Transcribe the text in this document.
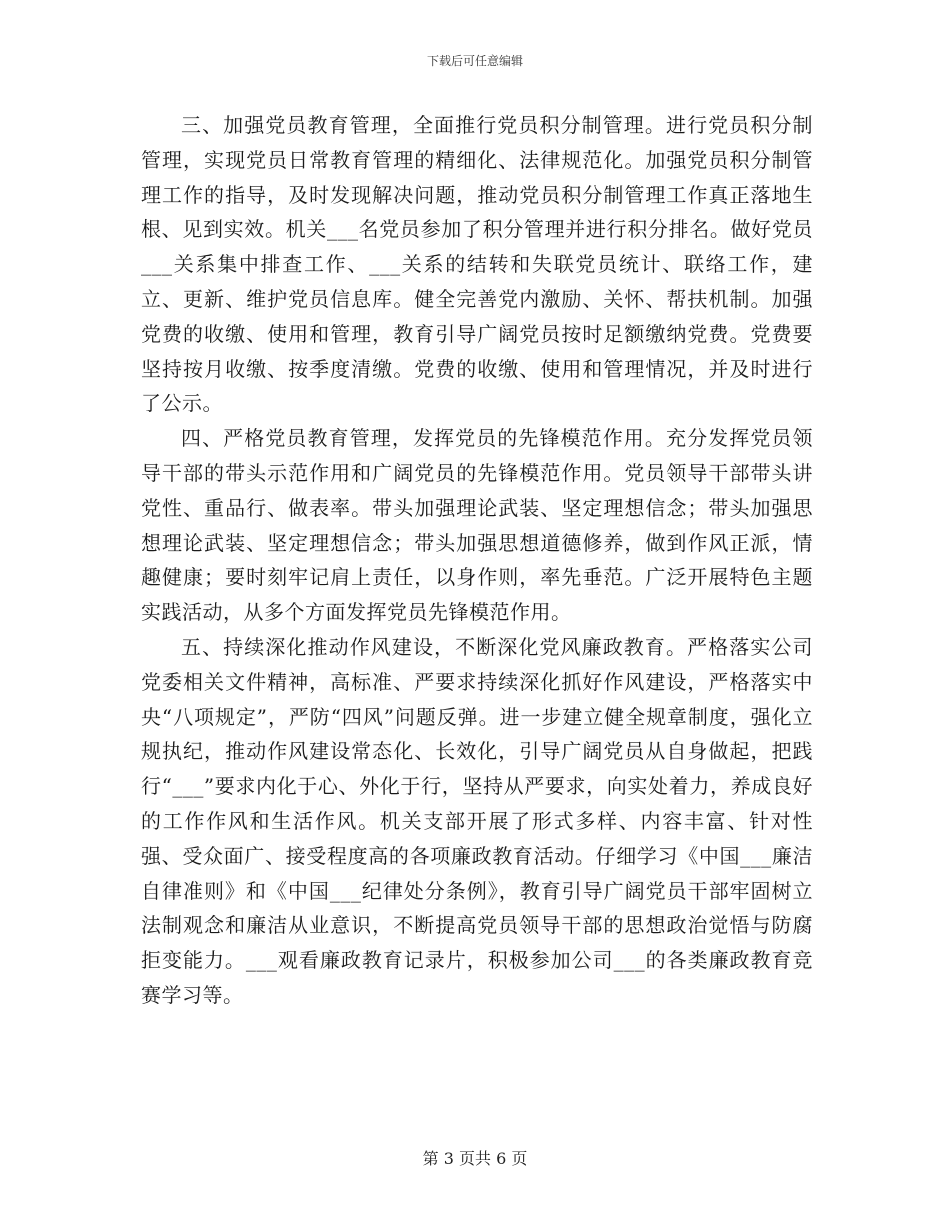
下载后可任意编辑

三、加强党员教育管理，全面推行党员积分制管理。进行党员积分制管理，实现党员日常教育管理的精细化、法律规范化。加强党员积分制管理工作的指导，及时发现解决问题，推动党员积分制管理工作真正落地生根、见到实效。机关___名党员参加了积分管理并进行积分排名。做好党员___关系集中排查工作、___关系的结转和失联党员统计、联络工作，建立、更新、维护党员信息库。健全完善党内激励、关怀、帮扶机制。加强党费的收缴、使用和管理，教育引导广阔党员按时足额缴纳党费。党费要坚持按月收缴、按季度清缴。党费的收缴、使用和管理情况，并及时进行了公示。

四、严格党员教育管理，发挥党员的先锋模范作用。充分发挥党员领导干部的带头示范作用和广阔党员的先锋模范作用。党员领导干部带头讲党性、重品行、做表率。带头加强理论武装、坚定理想信念；带头加强思想理论武装、坚定理想信念；带头加强思想道德修养，做到作风正派，情趣健康；要时刻牢记肩上责任，以身作则，率先垂范。广泛开展特色主题实践活动，从多个方面发挥党员先锋模范作用。

五、持续深化推动作风建设，不断深化党风廉政教育。严格落实公司党委相关文件精神，高标准、严要求持续深化抓好作风建设，严格落实中央“八项规定”，严防“四风”问题反弹。进一步建立健全规章制度，强化立规执纪，推动作风建设常态化、长效化，引导广阔党员从自身做起，把践行“___”要求内化于心、外化于行，坚持从严要求，向实处着力，养成良好的工作作风和生活作风。机关支部开展了形式多样、内容丰富、针对性强、受众面广、接受程度高的各项廉政教育活动。仔细学习《中国___廉洁自律准则》和《中国___纪律处分条例》，教育引导广阔党员干部牢固树立法制观念和廉洁从业意识，不断提高党员领导干部的思想政治觉悟与防腐拒变能力。___观看廉政教育记录片，积极参加公司___的各类廉政教育竞赛学习等。

第 3 页共 6 页
